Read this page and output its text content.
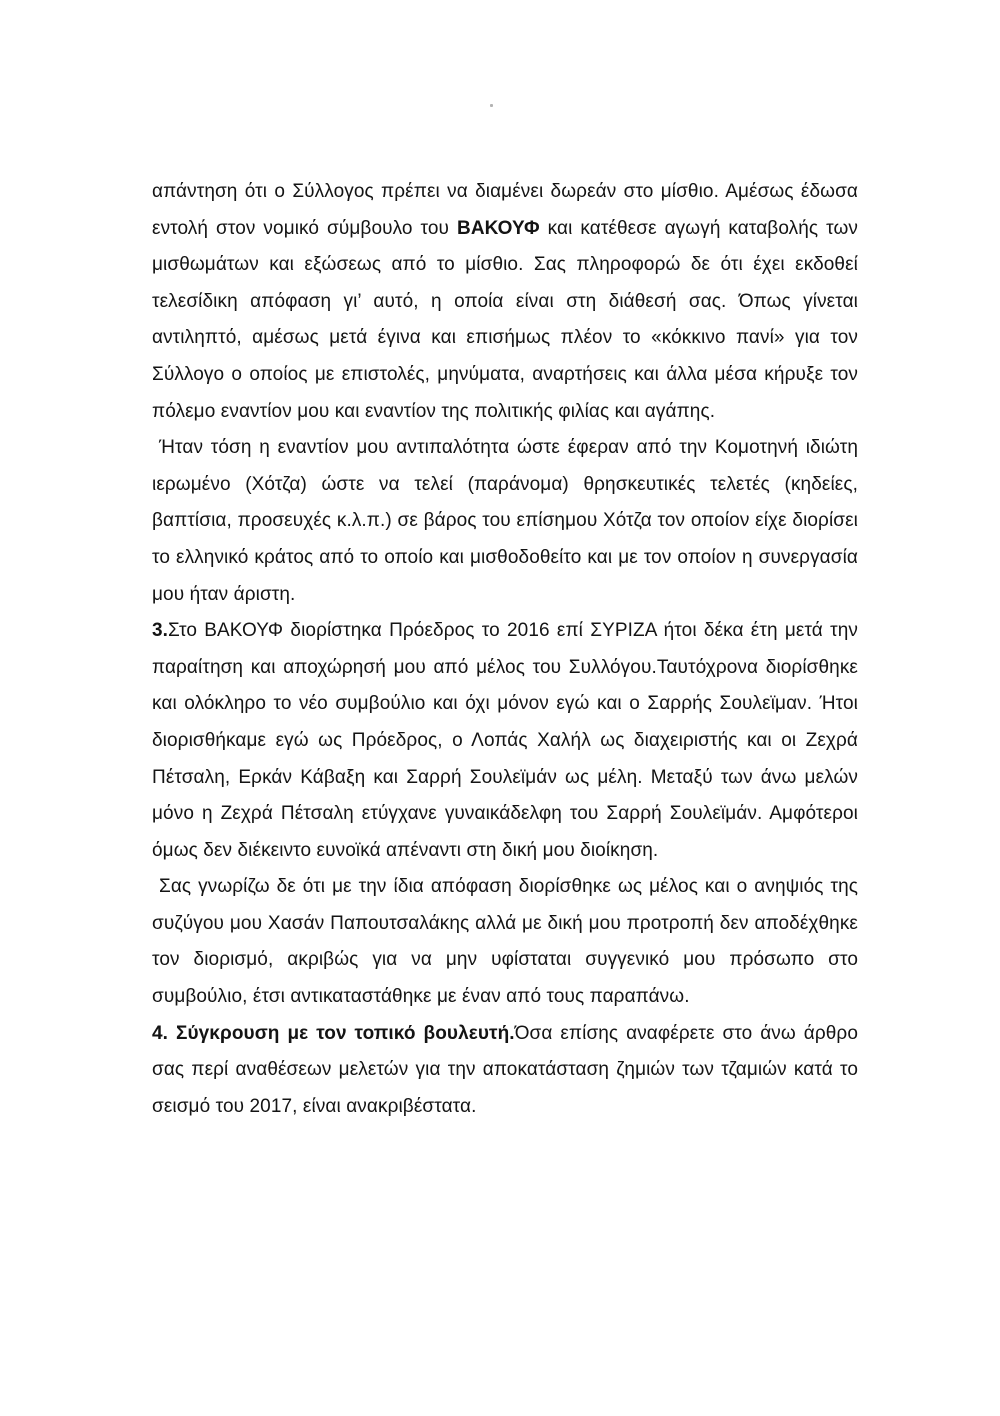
απάντηση ότι ο Σύλλογος πρέπει να διαμένει δωρεάν στο μίσθιο. Αμέσως έδωσα εντολή στον νομικό σύμβουλο του ΒΑΚΟΥΦ και κατέθεσε αγωγή καταβολής των μισθωμάτων και εξώσεως από το μίσθιο. Σας πληροφορώ δε ότι έχει εκδοθεί τελεσίδικη απόφαση γι’ αυτό, η οποία είναι στη διάθεσή σας. Όπως γίνεται αντιληπτό, αμέσως μετά έγινα και επισήμως πλέον το «κόκκινο πανί» για τον Σύλλογο ο οποίος με επιστολές, μηνύματα, αναρτήσεις και άλλα μέσα κήρυξε τον πόλεμο εναντίον μου και εναντίον της πολιτικής φιλίας και αγάπης.

Ήταν τόση η εναντίον μου αντιπαλότητα ώστε έφεραν από την Κομοτηνή ιδιώτη ιερωμένο (Χότζα) ώστε να τελεί (παράνομα) θρησκευτικές τελετές (κηδείες, βαπτίσια, προσευχές κ.λ.π.) σε βάρος του επίσημου Χότζα τον οποίον είχε διορίσει το ελληνικό κράτος από το οποίο και μισθοδοθείτο και με τον οποίον η συνεργασία μου ήταν άριστη.

3.Στο ΒΑΚΟΥΦ διορίστηκα Πρόεδρος το 2016 επί ΣΥΡΙΖΑ ήτοι δέκα έτη μετά την παραίτηση και αποχώρησή μου από μέλος του Συλλόγου.Ταυτόχρονα διορίσθηκε και ολόκληρο το νέο συμβούλιο και όχι μόνον εγώ και ο Σαρρής Σουλεϊμαν. Ήτοι διορισθήκαμε εγώ ως Πρόεδρος, ο Λοπάς Χαλήλ ως διαχειριστής και οι Ζεχρά Πέτσαλη, Ερκάν Κάβαξη και Σαρρή Σουλεϊμάν ως μέλη. Μεταξύ των άνω μελών μόνο η Ζεχρά Πέτσαλη ετύγχανε γυναικάδελφη του Σαρρή Σουλεϊμάν. Αμφότεροι όμως δεν διέκειντο ευνοϊκά απέναντι στη δική μου διοίκηση.

Σας γνωρίζω δε ότι με την ίδια απόφαση διορίσθηκε ως μέλος και ο ανηψιός της συζύγου μου Χασάν Παπουτσαλάκης αλλά με δική μου προτροπή δεν αποδέχθηκε τον διορισμό, ακριβώς για να μην υφίσταται συγγενικό μου πρόσωπο στο συμβούλιο, έτσι αντικαταστάθηκε με έναν από τους παραπάνω.

4. Σύγκρουση με τον τοπικό βουλευτή.Όσα επίσης αναφέρετε στο άνω άρθρο σας περί αναθέσεων μελετών για την αποκατάσταση ζημιών των τζαμιών κατά το σεισμό του 2017, είναι ανακριβέστατα.
